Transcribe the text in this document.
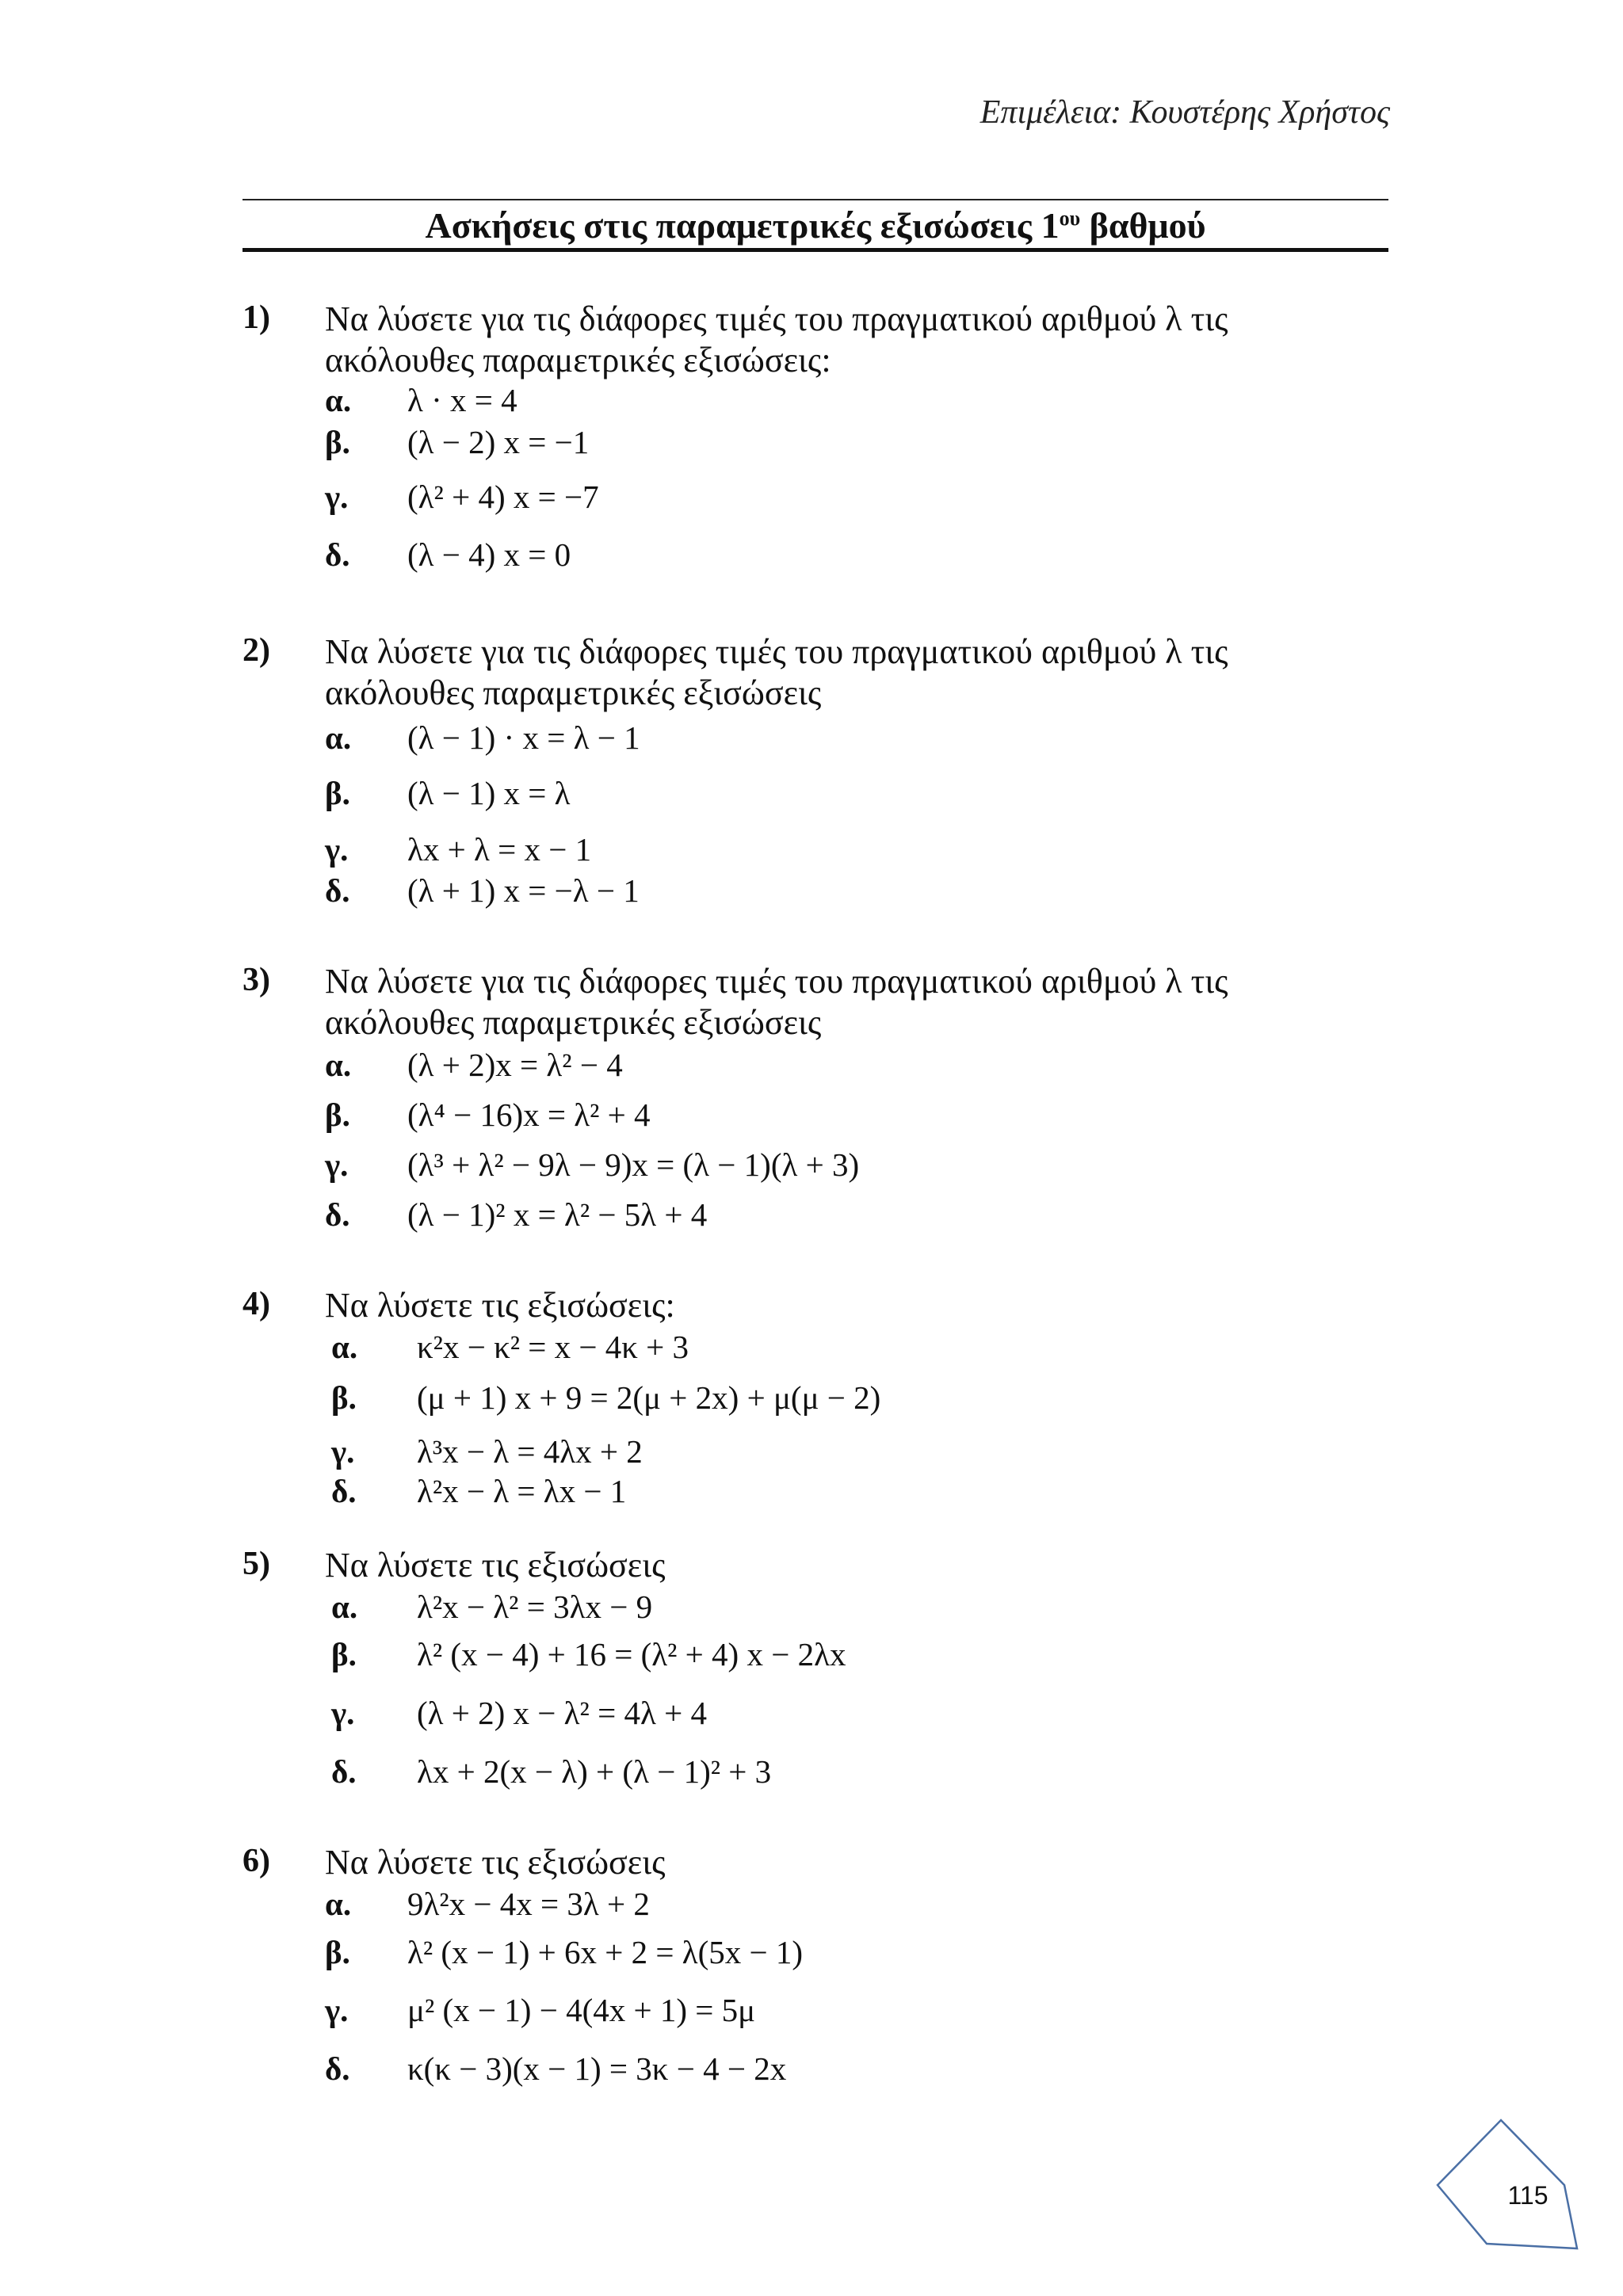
Επιμέλεια: Κουστέρης Χρήστος
Ασκήσεις στις παραμετρικές εξισώσεις $1^{o\upsilon}$ βαθμού
1) Να λύσετε για τις διάφορες τιμές του πραγματικού αριθμού λ τις ακόλουθες παραμετρικές εξισώσεις:
α. λ · x = 4
β. (λ − 2) x = −1
γ. (λ² + 4) x = −7
δ. (λ − 4) x = 0
2) Να λύσετε για τις διάφορες τιμές του πραγματικού αριθμού λ τις ακόλουθες παραμετρικές εξισώσεις
α. (λ − 1) · x = λ − 1
β. (λ − 1) x = λ
γ. λx + λ = x − 1
δ. (λ + 1) x = −λ − 1
3) Να λύσετε για τις διάφορες τιμές του πραγματικού αριθμού λ τις ακόλουθες παραμετρικές εξισώσεις
α. (λ + 2)x = λ² − 4
β. (λ⁴ − 16)x = λ² + 4
γ. (λ³ + λ² − 9λ − 9)x = (λ − 1)(λ + 3)
δ. (λ − 1)² x = λ² − 5λ + 4
4) Να λύσετε τις εξισώσεις:
α. κ²x − κ² = x − 4κ + 3
β. (μ + 1) x + 9 = 2(μ + 2x) + μ(μ − 2)
γ. λ³x − λ = 4λx + 2
δ. λ²x − λ = λx − 1
5) Να λύσετε τις εξισώσεις
α. λ²x − λ² = 3λx − 9
β. λ² (x − 4) + 16 = (λ² + 4) x − 2λx
γ. (λ + 2) x − λ² = 4λ + 4
δ. λx + 2(x − λ) + (λ − 1)² + 3
6) Να λύσετε τις εξισώσεις
α. 9λ²x − 4x = 3λ + 2
β. λ² (x − 1) + 6x + 2 = λ(5x − 1)
γ. μ² (x − 1) − 4(4x + 1) = 5μ
δ. κ(κ − 3)(x − 1) = 3κ − 4 − 2x
115
